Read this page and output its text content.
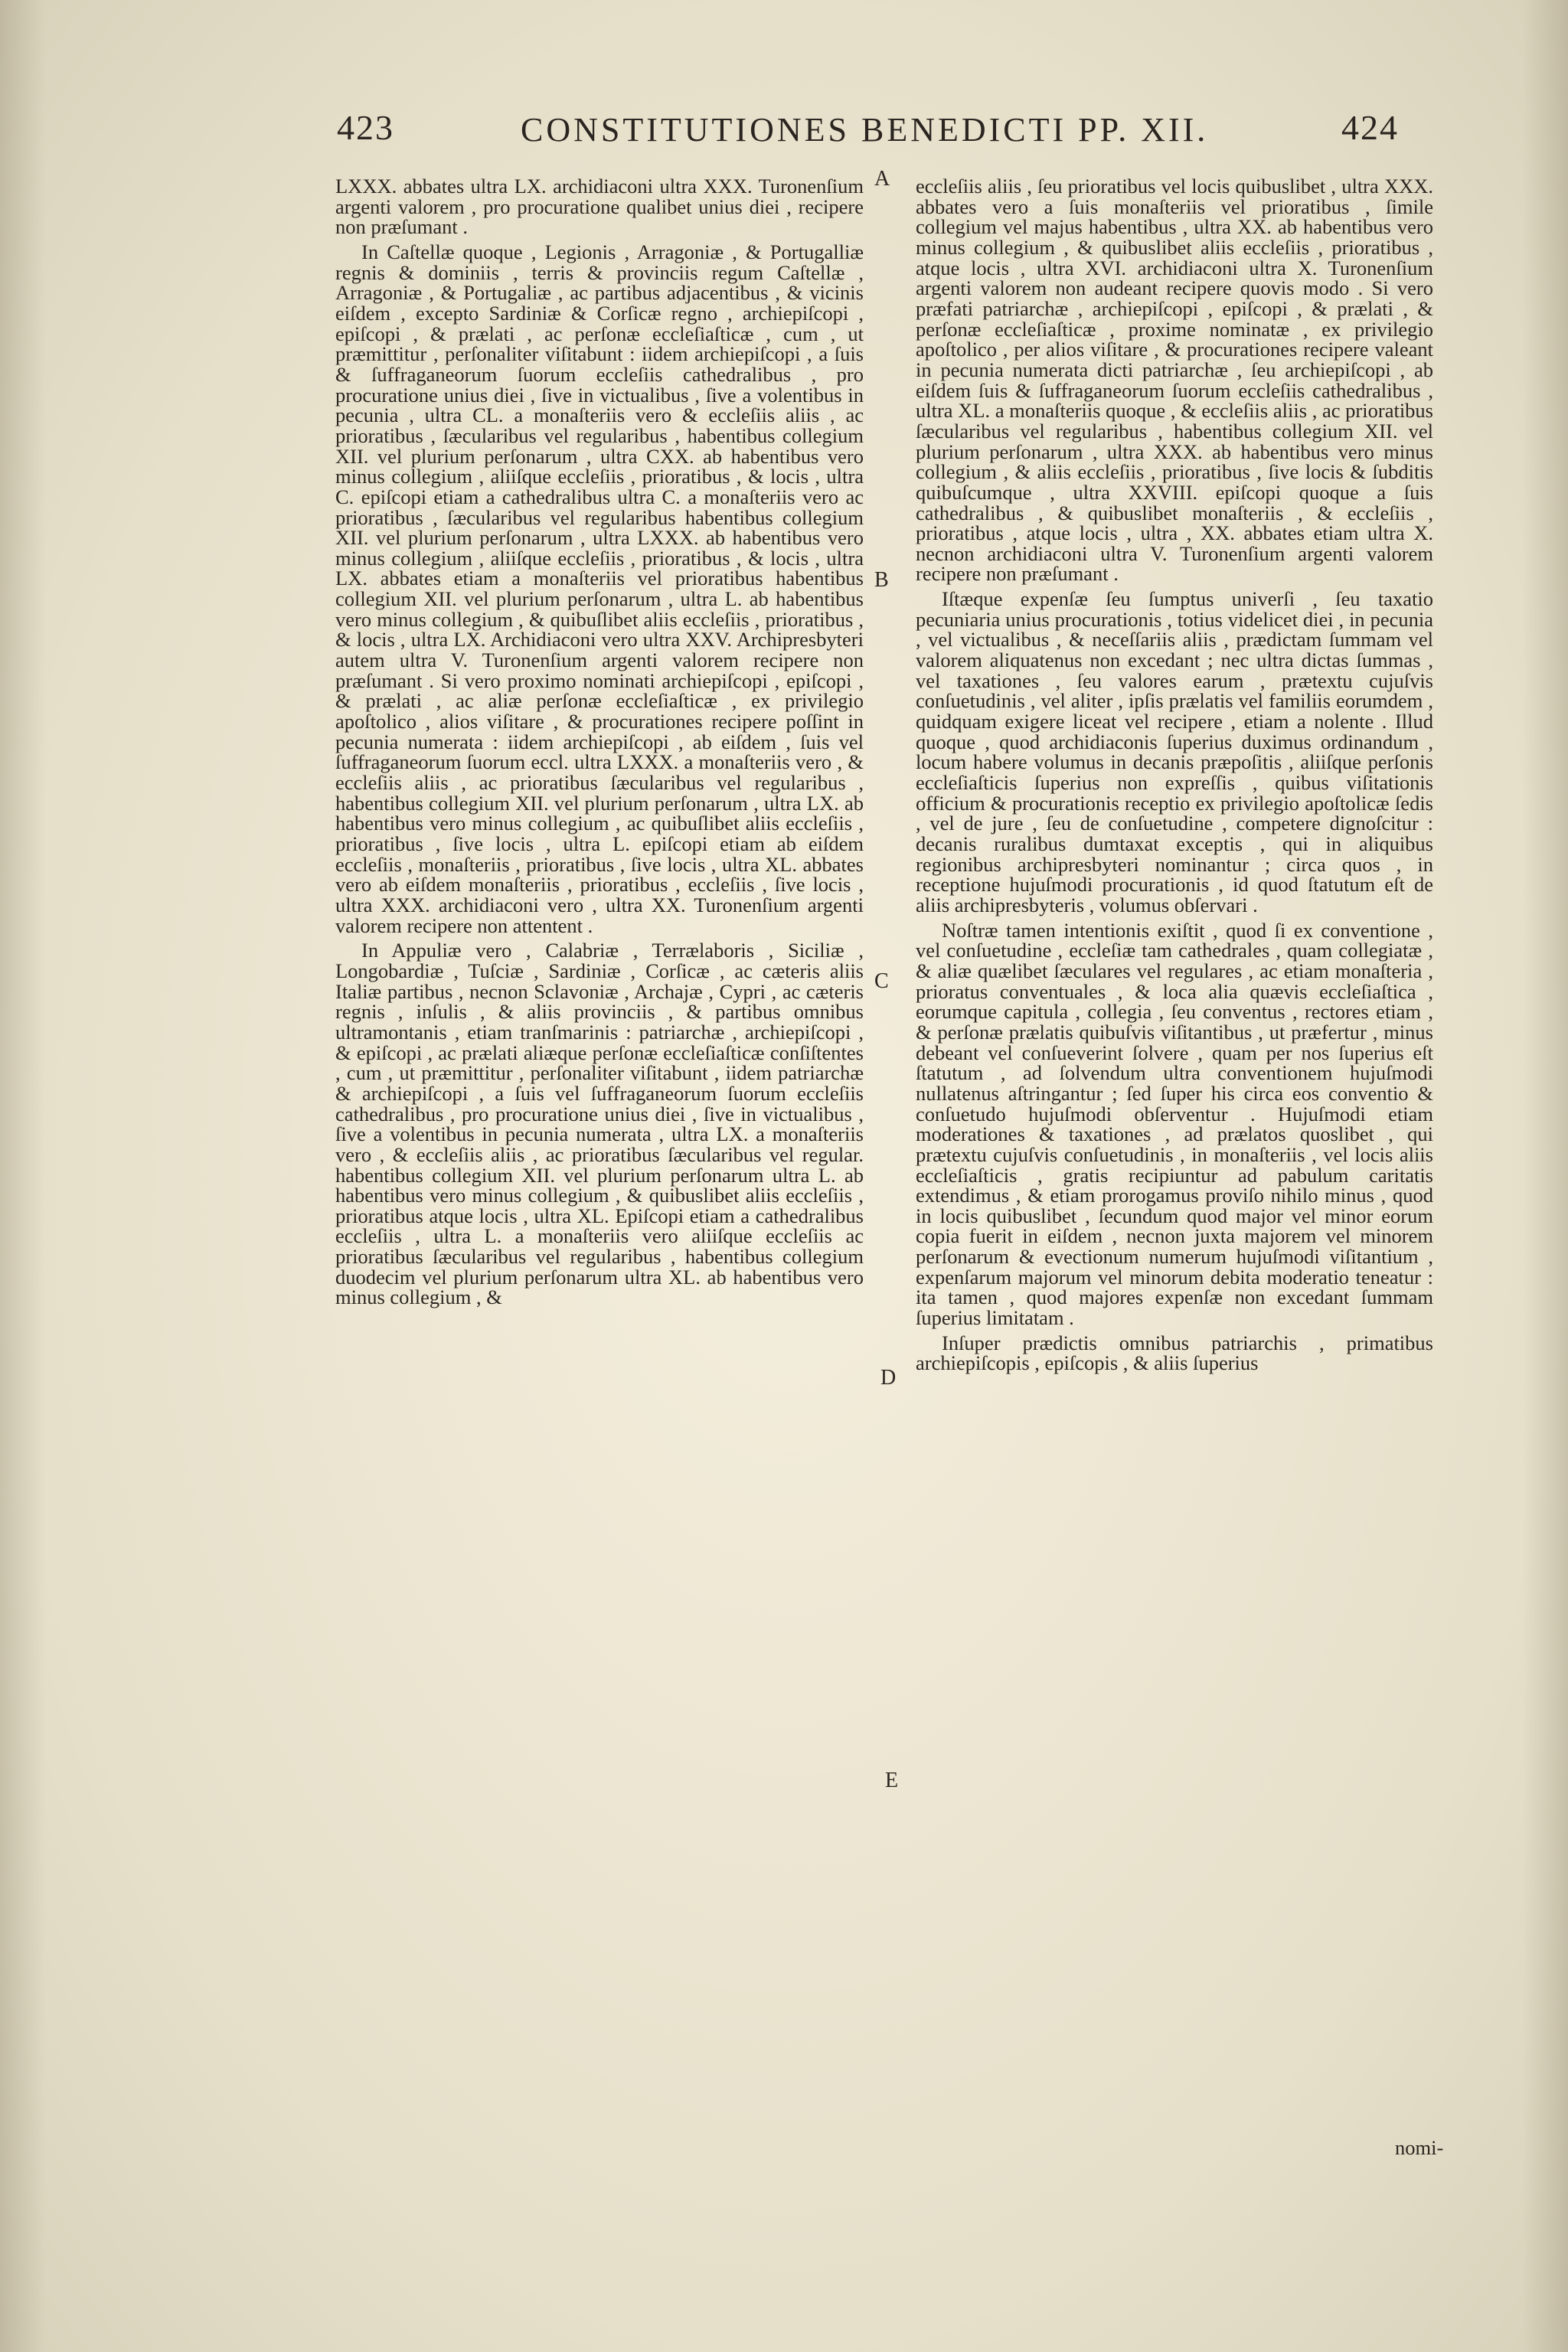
423	CONSTITUTIONES BENEDICTI PP. XII.	424

LXXX. abbates ultra LX. archidiaconi ultra XXX. Turonenſium argenti valorem , pro procuratione qualibet unius diei , recipere non præſumant .

In Caſtellæ quoque , Legionis , Arragoniæ , & Portugalliæ regnis & dominiis , terris & provinciis regum Caſtellæ , Arragoniæ , & Portugaliæ , ac partibus adjacentibus , & vicinis eiſdem , excepto Sardiniæ & Corſicæ regno , archiepiſcopi , epiſcopi , & prælati , ac perſonæ eccleſiaſticæ , cum , ut præmittitur , perſonaliter viſitabunt : iidem archiepiſcopi , a ſuis & ſuffraganeorum ſuorum eccleſiis cathedralibus , pro procuratione unius diei , ſive in victualibus , ſive a volentibus in pecunia , ultra CL. a monaſteriis vero & eccleſiis aliis , ac prioratibus , ſæcularibus vel regularibus , habentibus collegium XII. vel plurium perſonarum , ultra CXX. ab habentibus vero minus collegium , aliiſque eccleſiis , prioratibus , & locis , ultra C. epiſcopi etiam a cathedralibus ultra C. a monaſteriis vero ac prioratibus , ſæcularibus vel regularibus habentibus collegium XII. vel plurium perſonarum , ultra LXXX. ab habentibus vero minus collegium , aliiſque eccleſiis , prioratibus , & locis , ultra LX. abbates etiam a monaſteriis vel prioratibus habentibus collegium XII. vel plurium perſonarum , ultra L. ab habentibus vero minus collegium , & quibuſlibet aliis eccleſiis , prioratibus , & locis , ultra LX. Archidiaconi vero ultra XXV. Archipresbyteri autem ultra V. Turonenſium argenti valorem recipere non præſumant . Si vero proximo nominati archiepiſcopi , epiſcopi , & prælati , ac aliæ perſonæ eccleſiaſticæ , ex privilegio apoſtolico , alios viſitare , & procurationes recipere poſſint in pecunia numerata : iidem archiepiſcopi , ab eiſdem , ſuis vel ſuffraganeorum ſuorum eccl. ultra LXXX. a monaſteriis vero , & eccleſiis aliis , ac prioratibus ſæcularibus vel regularibus , habentibus collegium XII. vel plurium perſonarum , ultra LX. ab habentibus vero minus collegium , ac quibuſlibet aliis eccleſiis , prioratibus , ſive locis , ultra L. epiſcopi etiam ab eiſdem eccleſiis , monaſteriis , prioratibus , ſive locis , ultra XL. abbates vero ab eiſdem monaſteriis , prioratibus , eccleſiis , ſive locis , ultra XXX. archidiaconi vero , ultra XX. Turonenſium argenti valorem recipere non attentent .

In Appuliæ vero , Calabriæ , Terrælaboris , Siciliæ , Longobardiæ , Tuſciæ , Sardiniæ , Corſicæ , ac cæteris aliis Italiæ partibus , necnon Sclavoniæ , Archajæ , Cypri , ac cæteris regnis , inſulis , & aliis provinciis , & partibus omnibus ultramontanis , etiam tranſmarinis : patriarchæ , archiepiſcopi , & epiſcopi , ac prælati aliæque perſonæ eccleſiaſticæ conſiſtentes , cum , ut præmittitur , perſonaliter viſitabunt , iidem patriarchæ & archiepiſcopi , a ſuis vel ſuffraganeorum ſuorum eccleſiis cathedralibus , pro procuratione unius diei , ſive in victualibus , ſive a volentibus in pecunia numerata , ultra LX. a monaſteriis vero , & eccleſiis aliis , ac prioratibus ſæcularibus vel regular. habentibus collegium XII. vel plurium perſonarum ultra L. ab habentibus vero minus collegium , & quibuslibet aliis eccleſiis , prioratibus atque locis , ultra XL. Epiſcopi etiam a cathedralibus eccleſiis , ultra L. a monaſteriis vero aliiſque eccleſiis ac prioratibus ſæcularibus vel regularibus , habentibus collegium duodecim vel plurium perſonarum ultra XL. ab habentibus vero minus collegium , &

A
B
C
D
E

eccleſiis aliis , ſeu prioratibus vel locis quibuslibet , ultra XXX. abbates vero a ſuis monaſteriis vel prioratibus , ſimile collegium vel majus habentibus , ultra XX. ab habentibus vero minus collegium , & quibuslibet aliis eccleſiis , prioratibus , atque locis , ultra XVI. archidiaconi ultra X. Turonenſium argenti valorem non audeant recipere quovis modo . Si vero præfati patriarchæ , archiepiſcopi , epiſcopi , & prælati , & perſonæ eccleſiaſticæ , proxime nominatæ , ex privilegio apoſtolico , per alios viſitare , & procurationes recipere valeant in pecunia numerata dicti patriarchæ , ſeu archiepiſcopi , ab eiſdem ſuis & ſuffraganeorum ſuorum eccleſiis cathedralibus , ultra XL. a monaſteriis quoque , & eccleſiis aliis , ac prioratibus ſæcularibus vel regularibus , habentibus collegium XII. vel plurium perſonarum , ultra XXX. ab habentibus vero minus collegium , & aliis eccleſiis , prioratibus , ſive locis & ſubditis quibuſcumque , ultra XXVIII. epiſcopi quoque a ſuis cathedralibus , & quibuslibet monaſteriis , & eccleſiis , prioratibus , atque locis , ultra , XX. abbates etiam ultra X. necnon archidiaconi ultra V. Turonenſium argenti valorem recipere non præſumant .

Iſtæque expenſæ ſeu ſumptus univerſi , ſeu taxatio pecuniaria unius procurationis , totius videlicet diei , in pecunia , vel victualibus , & neceſſariis aliis , prædictam ſummam vel valorem aliquatenus non excedant ; nec ultra dictas ſummas , vel taxationes , ſeu valores earum , prætextu cujuſvis conſuetudinis , vel aliter , ipſis prælatis vel familiis eorumdem , quidquam exigere liceat vel recipere , etiam a nolente . Illud quoque , quod archidiaconis ſuperius duximus ordinandum , locum habere volumus in decanis præpoſitis , aliiſque perſonis eccleſiaſticis ſuperius non expreſſis , quibus viſitationis officium & procurationis receptio ex privilegio apoſtolicæ ſedis , vel de jure , ſeu de conſuetudine , competere dignoſcitur : decanis ruralibus dumtaxat exceptis , qui in aliquibus regionibus archipresbyteri nominantur ; circa quos , in receptione hujuſmodi procurationis , id quod ſtatutum eſt de aliis archipresbyteris , volumus obſervari .

Noſtræ tamen intentionis exiſtit , quod ſi ex conventione , vel conſuetudine , eccleſiæ tam cathedrales , quam collegiatæ , & aliæ quælibet ſæculares vel regulares , ac etiam monaſteria , prioratus conventuales , & loca alia quævis eccleſiaſtica , eorumque capitula , collegia , ſeu conventus , rectores etiam , & perſonæ prælatis quibuſvis viſitantibus , ut præfertur , minus debeant vel conſueverint ſolvere , quam per nos ſuperius eſt ſtatutum , ad ſolvendum ultra conventionem hujuſmodi nullatenus aſtringantur ; ſed ſuper his circa eos conventio & conſuetudo hujuſmodi obſerventur . Hujuſmodi etiam moderationes & taxationes , ad prælatos quoslibet , qui prætextu cujuſvis conſuetudinis , in monaſteriis , vel locis aliis eccleſiaſticis , gratis recipiuntur ad pabulum caritatis extendimus , & etiam prorogamus proviſo nihilo minus , quod in locis quibuslibet , ſecundum quod major vel minor eorum copia fuerit in eiſdem , necnon juxta majorem vel minorem perſonarum & evectionum numerum hujuſmodi viſitantium , expenſarum majorum vel minorum debita moderatio teneatur : ita tamen , quod majores expenſæ non excedant ſummam ſuperius limitatam .

Inſuper prædictis omnibus patriarchis , primatibus archiepiſcopis , epiſcopis , & aliis ſuperius

nomi-
